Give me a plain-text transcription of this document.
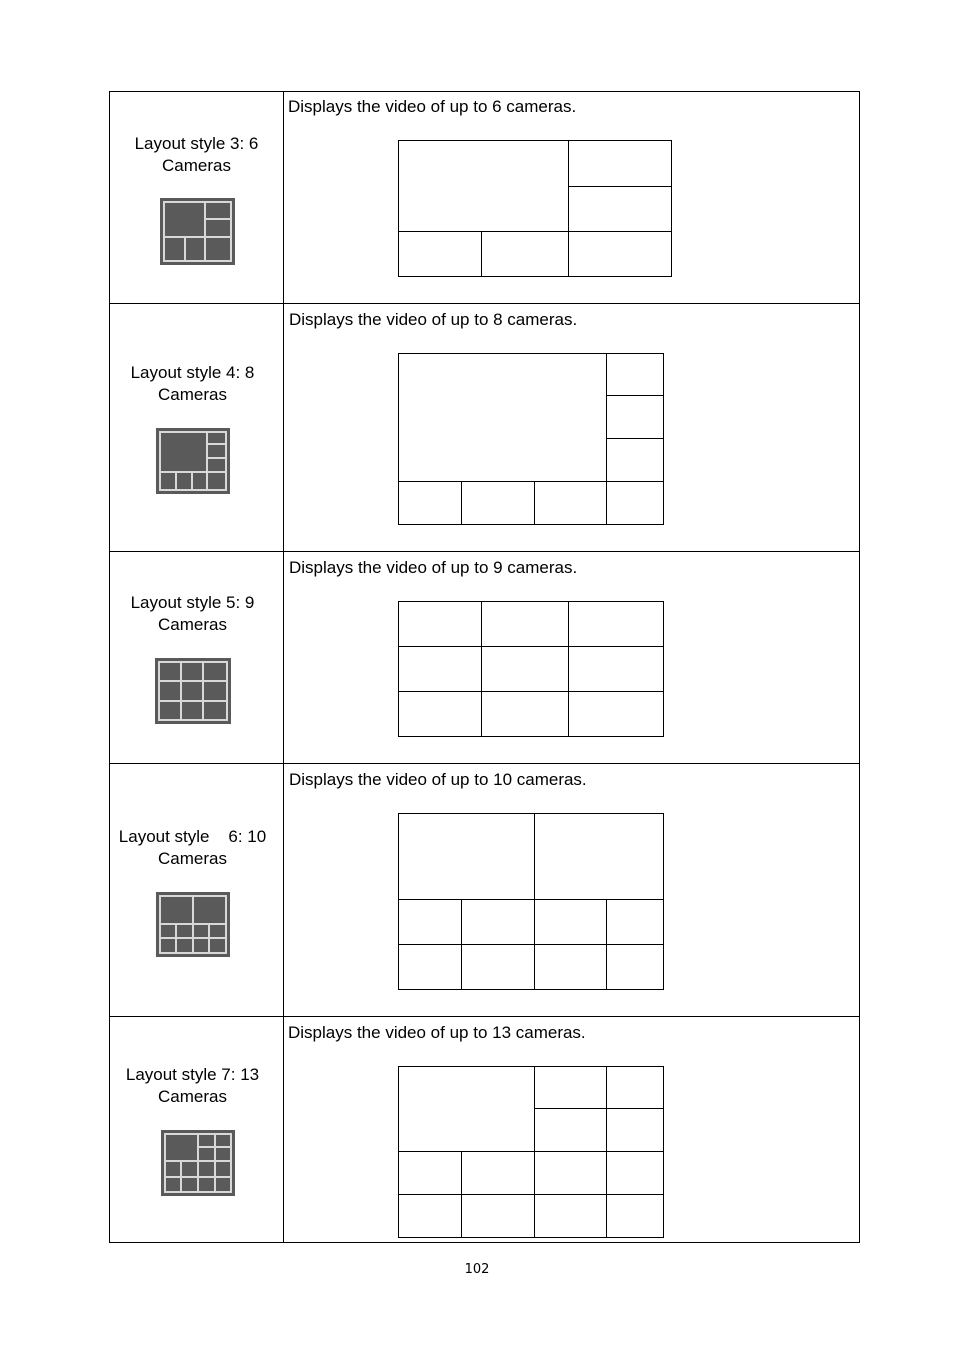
Layout style 3: 6
Cameras
Displays the video of up to 6 cameras.
Layout style 4: 8
Cameras
Displays the video of up to 8 cameras.
Layout style 5: 9
Cameras
Displays the video of up to 9 cameras.
Layout style    6: 10
Cameras
Displays the video of up to 10 cameras.
Layout style 7: 13
Cameras
Displays the video of up to 13 cameras.
102
